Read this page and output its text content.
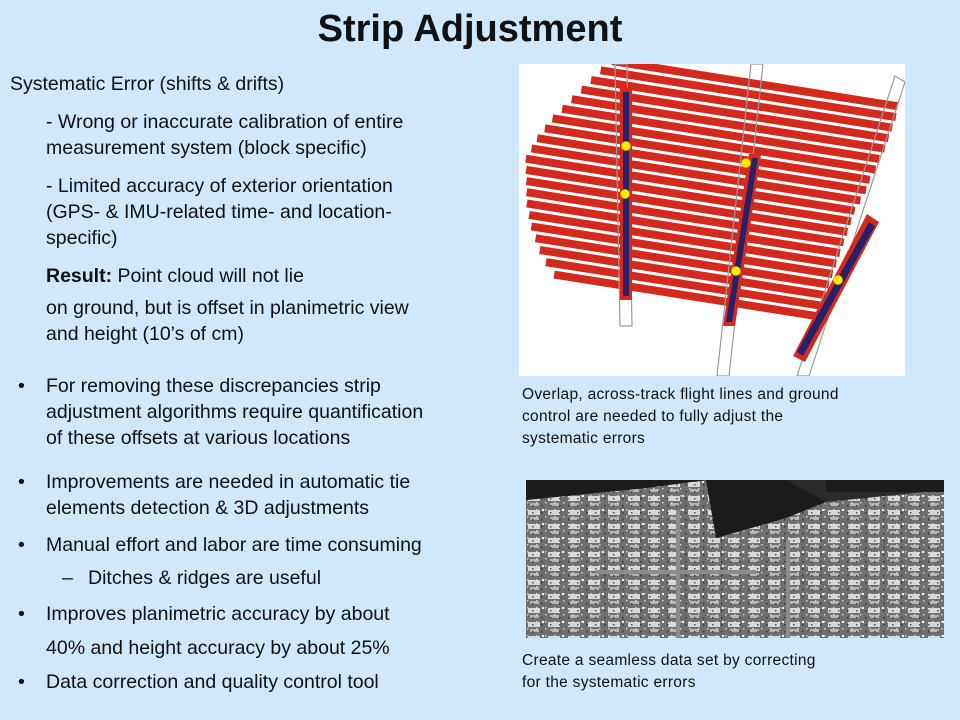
Strip Adjustment
Systematic Error (shifts & drifts)
- Wrong or inaccurate calibration of entire
measurement system (block specific)
- Limited accuracy of exterior orientation
(GPS- & IMU-related time- and location-
specific)
Result: Point cloud will not lie
on ground, but is offset in planimetric view
and height (10’s of cm)
• For removing these discrepancies strip
adjustment algorithms require quantification
of these offsets at various locations
• Improvements are needed in automatic tie
elements detection & 3D adjustments
• Manual effort and labor are time consuming
– Ditches & ridges are useful
• Improves planimetric accuracy by about
40% and height accuracy by about 25%
• Data correction and quality control tool
Overlap, across-track flight lines and ground
control are needed to fully adjust the
systematic errors
Create a seamless data set by correcting
for the systematic errors
